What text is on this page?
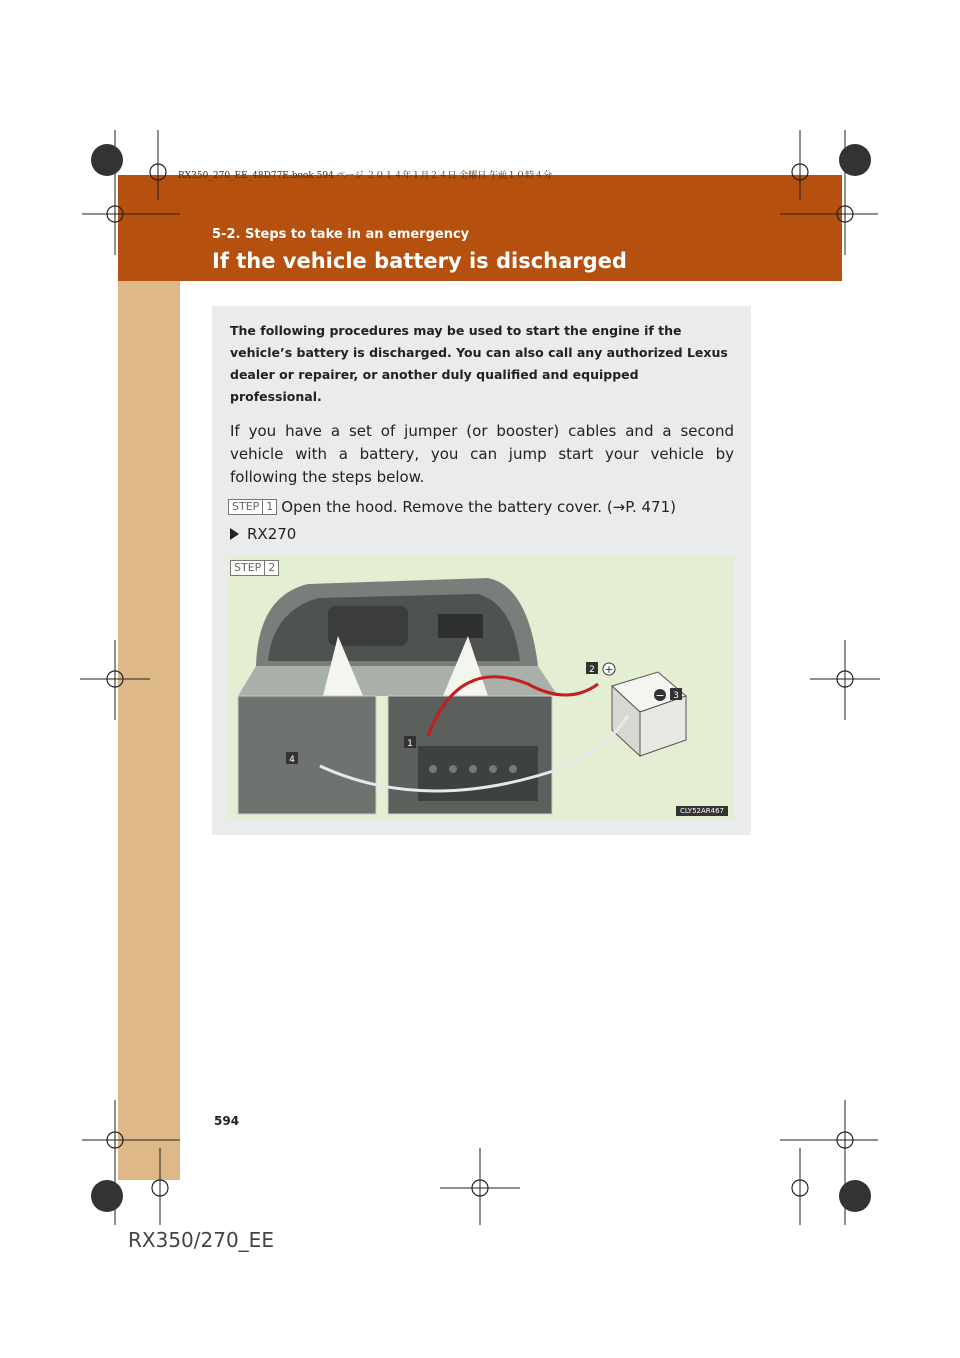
RX350_270_EE_48D77E.book 594 ページ ２０１４年１月２４日 金曜日 午前１０時４分
5-2. Steps to take in an emergency
If the vehicle battery is discharged
The following procedures may be used to start the engine if the vehicle’s battery is discharged. You can also call any authorized Lexus dealer or repairer, or another duly qualified and equipped professional.
If you have a set of jumper (or booster) cables and a second vehicle with a battery, you can jump start your vehicle by following the steps below.
STEP 1 Open the hood. Remove the battery cover. (→P. 471)
RX270
STEP 2
1
2
3
4
+
−
CLY52AR467
594
RX350/270_EE
